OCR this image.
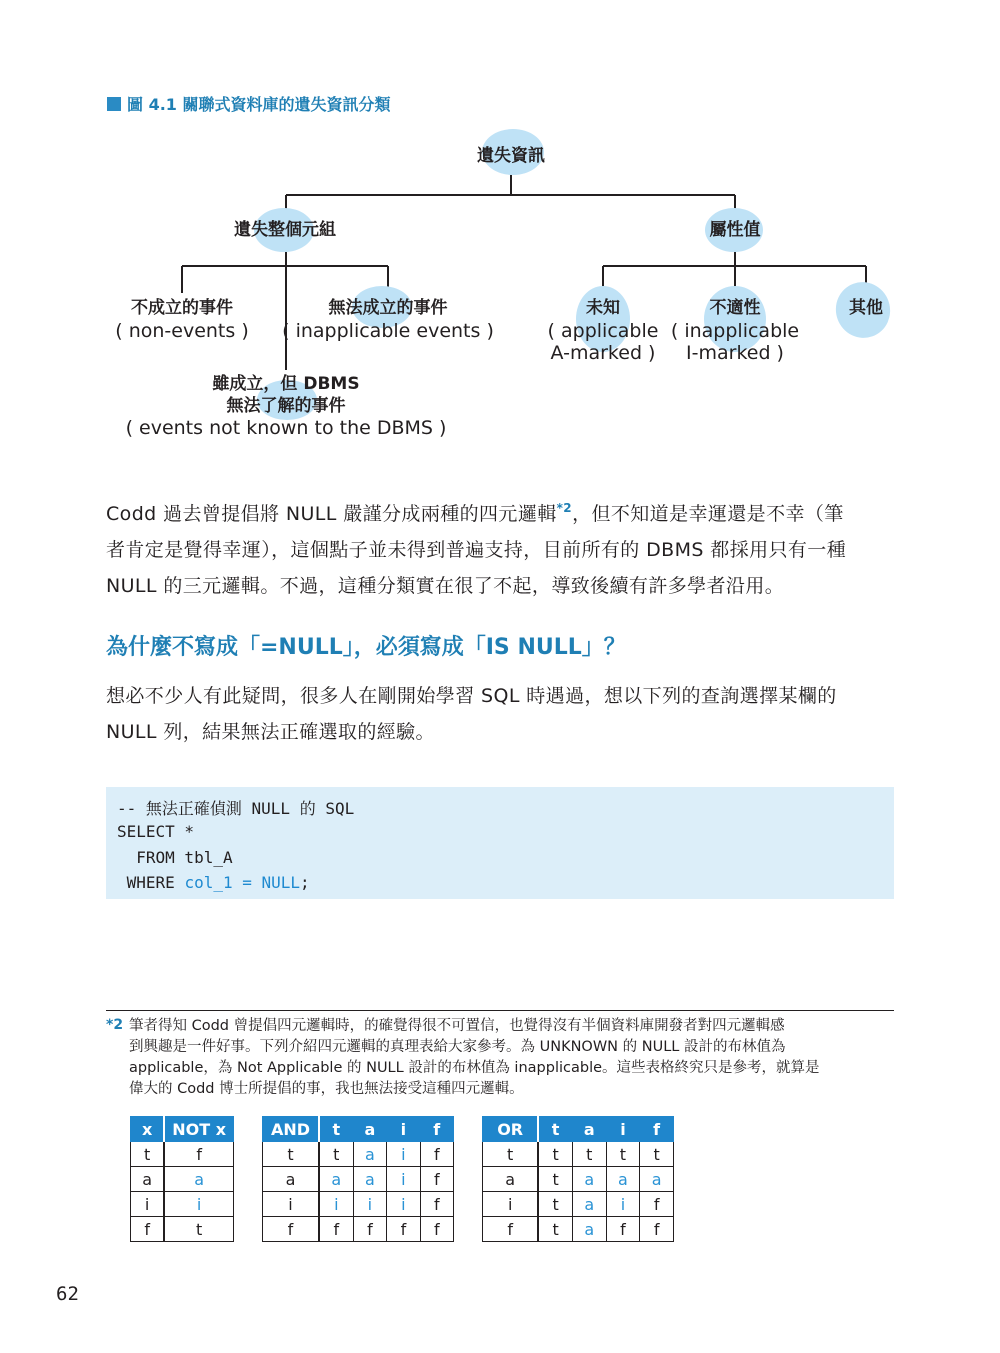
圖 4.1 關聯式資料庫的遺失資訊分類
遺失資訊
遺失整個元組	屬性值
不成立的事件
( non-events )
無法成立的事件
( inapplicable events )
未知
( applicable
A-marked )
不適性
( inapplicable
I-marked )
其他
雖成立，但 DBMS
無法了解的事件
( events not known to the DBMS )
Codd 過去曾提倡將 NULL 嚴謹分成兩種的四元邏輯$^{*2}$，但不知道是幸運還是不幸（筆
者肯定是覺得幸運），這個點子並未得到普遍支持，目前所有的 DBMS 都採用只有一種
NULL 的三元邏輯。不過，這種分類實在很了不起，導致後續有許多學者沿用。
為什麼不寫成「=NULL」，必須寫成「IS NULL」？
想必不少人有此疑問，很多人在剛開始學習 SQL 時遇過，想以下列的查詢選擇某欄的
NULL 列，結果無法正確選取的經驗。
-- 無法正確偵測 NULL 的 SQL
SELECT *
FROM tbl_A
WHERE col_1 = NULL;
*2 筆者得知 Codd 曾提倡四元邏輯時，的確覺得很不可置信，也覺得沒有半個資料庫開發者對四元邏輯感
到興趣是一件好事。下列介紹四元邏輯的真理表給大家參考。為 UNKNOWN 的 NULL 設計的布林值為
applicable，為 Not Applicable 的 NULL 設計的布林值為 inapplicable。這些表格終究只是參考，就算是
偉大的 Codd 博士所提倡的事，我也無法接受這種四元邏輯。
x	NOT x
t	f
a	a
i	i
f	t
AND	t	a	i	f
t	t	a	i	f
a	a	a	i	f
i	i	i	i	f
f	f	f	f	f
OR	t	a	i	f
t	t	t	t	t
a	t	a	a	a
i	t	a	i	f
f	t	a	f	f
62
